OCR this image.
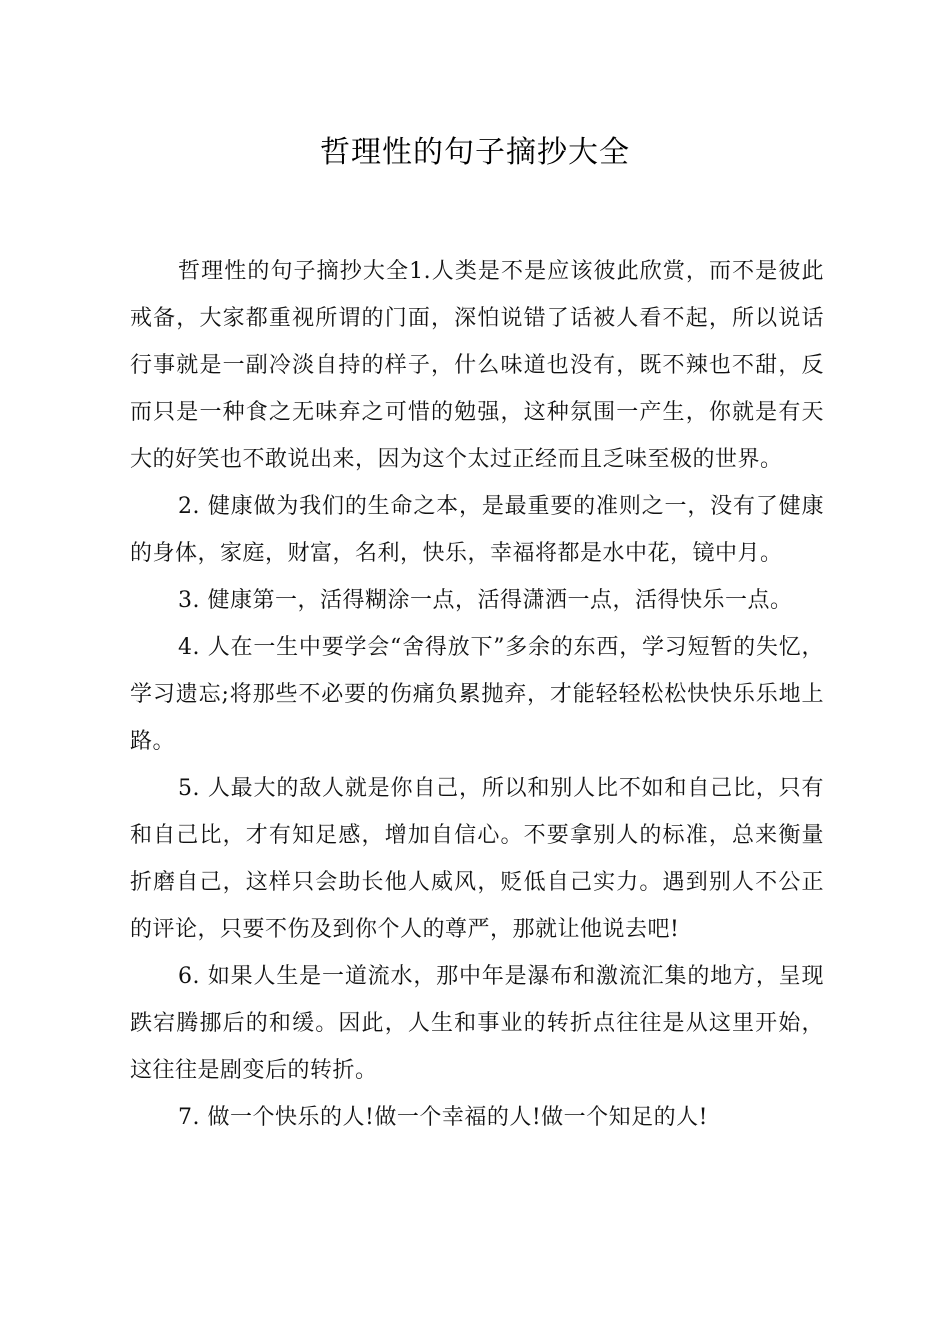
哲理性的句子摘抄大全

哲理性的句子摘抄大全1.人类是不是应该彼此欣赏，而不是彼此戒备，大家都重视所谓的门面，深怕说错了话被人看不起，所以说话行事就是一副冷淡自持的样子，什么味道也没有，既不辣也不甜，反而只是一种食之无味弃之可惜的勉强，这种氛围一产生，你就是有天大的好笑也不敢说出来，因为这个太过正经而且乏味至极的世界。

2. 健康做为我们的生命之本，是最重要的准则之一，没有了健康的身体，家庭，财富，名利，快乐，幸福将都是水中花，镜中月。

3. 健康第一，活得糊涂一点，活得潇洒一点，活得快乐一点。

4. 人在一生中要学会“舍得放下”多余的东西，学习短暂的失忆，学习遗忘;将那些不必要的伤痛负累抛弃，才能轻轻松松快快乐乐地上路。

5. 人最大的敌人就是你自己，所以和别人比不如和自己比，只有和自己比，才有知足感，增加自信心。不要拿别人的标准，总来衡量折磨自己，这样只会助长他人威风，贬低自己实力。遇到别人不公正的评论，只要不伤及到你个人的尊严，那就让他说去吧!

6. 如果人生是一道流水，那中年是瀑布和激流汇集的地方，呈现跌宕腾挪后的和缓。因此，人生和事业的转折点往往是从这里开始，这往往是剧变后的转折。

7. 做一个快乐的人!做一个幸福的人!做一个知足的人!
